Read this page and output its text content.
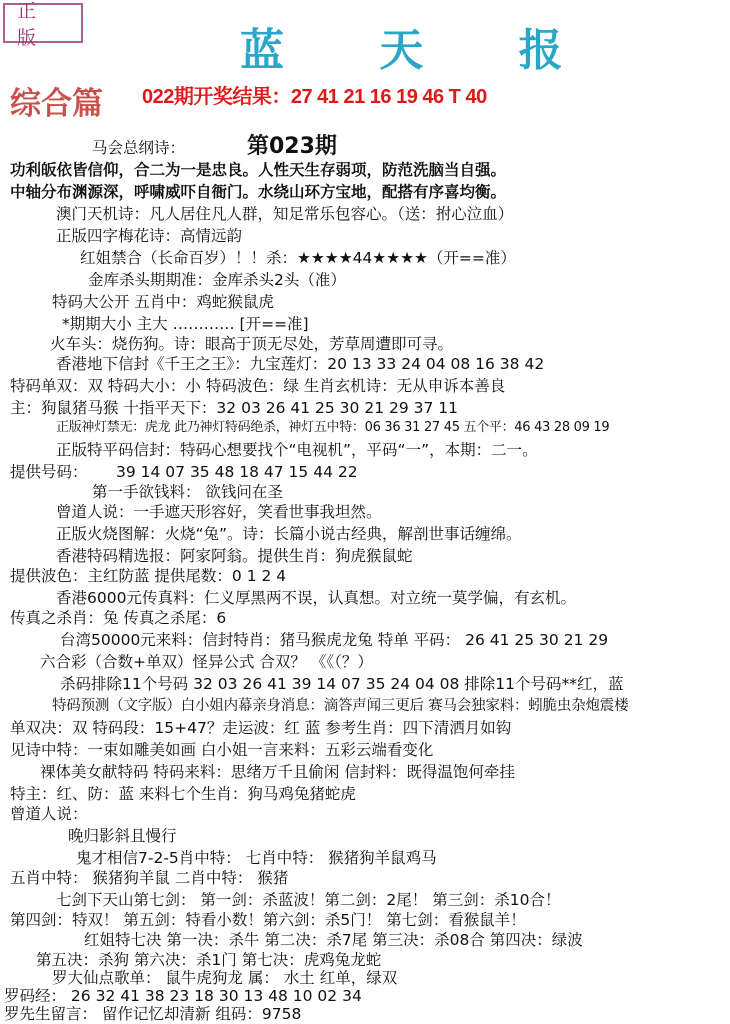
正 版	蓝 天 报
综合篇 022期开奖结果：27 41 21 16 19 46 T 40
第023期
马会总纲诗：
功利皈依皆信仰，合二为一是忠良。人性天生存弱项，防范洗脑当自强。
中轴分布渊源深，呼啸威吓自衙门。水绕山环方宝地，配搭有序喜均衡。
澳门天机诗：凡人居住凡人群，知足常乐包容心。（送：拊心泣血）
正版四字梅花诗：高情远韵
红姐禁合（长命百岁）！！杀：★★★★44★★★★（开==准）
金库杀头期期准：金库杀头2头（准）
特码大公开 五肖中：鸡蛇猴鼠虎
*期期大小 主大 ………… [开==准]
火车头：烧伤狗。诗：眼高于顶无尽处，芳草周遭即可寻。
香港地下信封《千王之王》：九宝莲灯：20 13 33 24 04 08 16 38 42
特码单双：双 特码大小：小 特码波色：绿 生肖玄机诗：无从申诉本善良
主：狗鼠猪马猴 十指平天下：32 03 26 41 25 30 21 29 37 11
正版神灯禁无：虎龙 此乃神灯特码绝杀，神灯五中特：06 36 31 27 45 五个平：46 43 28 09 19
正版特平码信封：特码心想要找个“电视机”，平码“一”，本期：二一。
提供号码： 39 14 07 35 48 18 47 15 44 22
第一手欲钱料： 欲钱问在圣
曾道人说：一手遮天形容好，笑看世事我坦然。
正版火烧图解：火烧“兔”。诗：长篇小说古经典，解剖世事话缠绵。
香港特码精选报：阿家阿翁。提供生肖：狗虎猴鼠蛇
提供波色：主红防蓝 提供尾数：0 1 2 4
香港6000元传真料：仁义厚黑两不误，认真想。对立统一莫学偏，有玄机。
传真之杀肖：兔 传真之杀尾：6
台湾50000元来料：信封特肖：猪马猴虎龙兔 特单 平码： 26 41 25 30 21 29
六合彩（合数+单双）怪异公式 合双？ 《《（？）
杀码排除11个号码 32 03 26 41 39 14 07 35 24 04 08 排除11个号码**红，蓝
特码预测（文字版）白小姐内幕亲身消息：滴答声闻三更后 赛马会独家料：蚓脆虫杂炮震楼
单双决：双 特码段：15+47？走运波：红 蓝 参考生肖：四下清洒月如钩
见诗中特：一束如雕美如画 白小姐一言来料：五彩云端看变化
裸体美女献特码 特码来料：思绪万千且偷闲 信封料：既得温饱何牵挂
特主：红、防：蓝 来料七个生肖：狗马鸡兔猪蛇虎
曾道人说：
晚归影斜且慢行
鬼才相信7-2-5肖中特： 七肖中特： 猴猪狗羊鼠鸡马
五肖中特： 猴猪狗羊鼠 二肖中特： 猴猪
七剑下天山第七剑： 第一剑：杀蓝波！第二剑：2尾！ 第三剑：杀10合！
第四剑：特双！ 第五剑：特看小数！第六剑：杀5门！ 第七剑：看猴鼠羊！
红姐特七决 第一决：杀牛 第二决：杀7尾 第三决：杀08合 第四决：绿波
第五决：杀狗 第六决：杀1门 第七决：虎鸡兔龙蛇
罗大仙点歌单： 鼠牛虎狗龙 属： 水土 红单，绿双
罗码经： 26 32 41 38 23 18 30 13 48 10 02 34
罗先生留言： 留作记忆却清新 组码：9758
